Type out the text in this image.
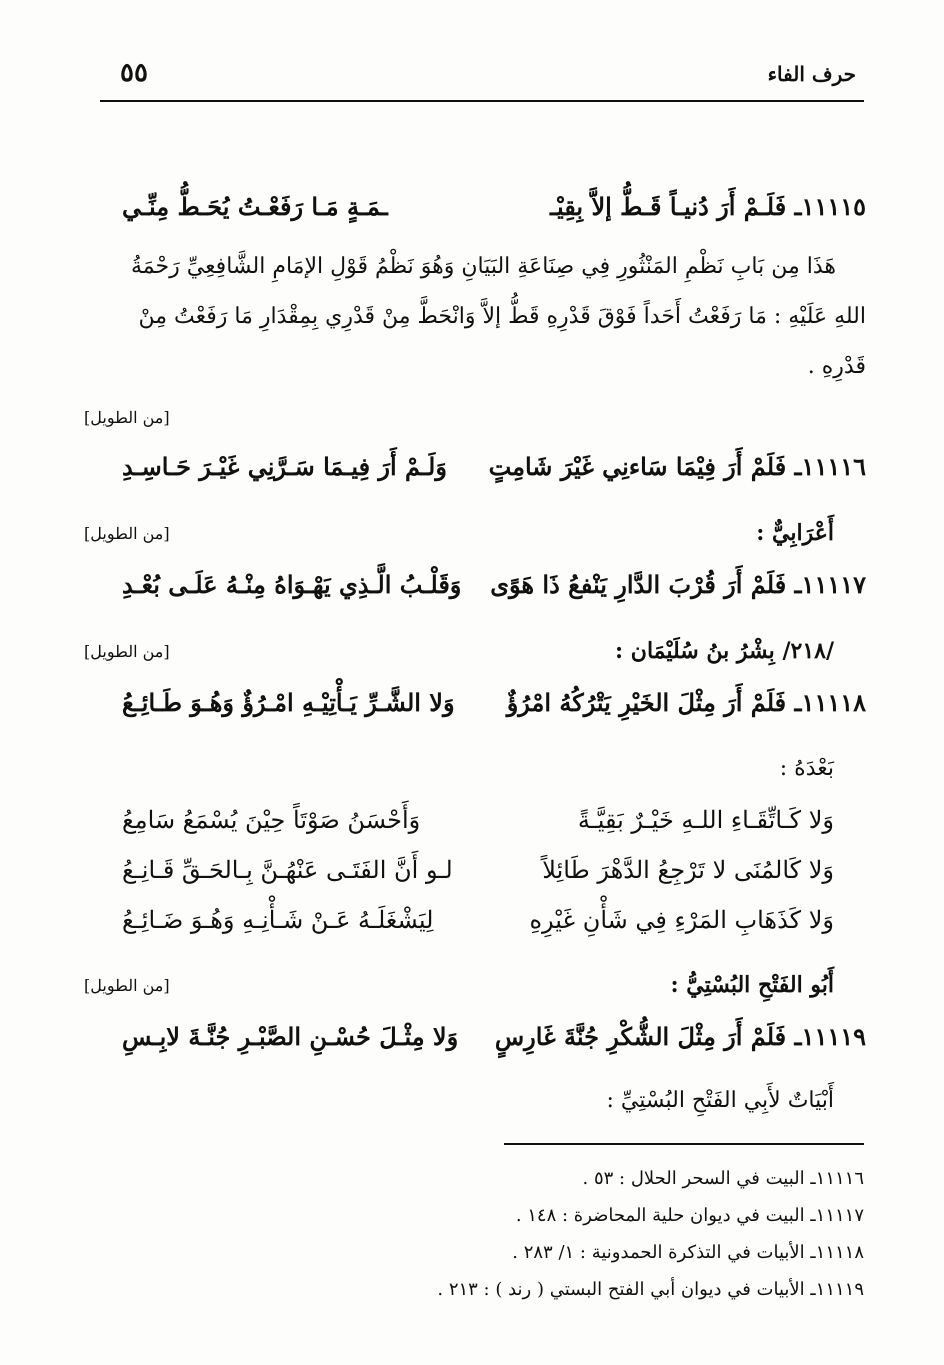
حرف الفاء
٥٥
١١١١٥ـ فَلَـمْ أَرَ دُنيـاً قَـطُّ إلاَّ بِقِيْـ
ـمَـةٍ مَـا رَفَعْـتُ يُحَـطُّ مِنِّـي
هَذَا مِن بَابِ نَظْمِ المَنْثُورِ فِي صِنَاعَةِ البَيَانِ وَهُوَ نَظْمُ قَوْلِ الإمَامِ الشَّافِعِيِّ رَحْمَةُ
اللهِ عَلَيْهِ : مَا رَفَعْتُ أَحَداً فَوْقَ قَدْرِهِ قَطُّ إلاَّ وَانْحَطَّ مِنْ قَدْرِي بِمِقْدَارِ مَا رَفَعْتُ مِنْ
قَدْرِهِ .
[من الطويل]
١١١١٦ـ فَلَمْ أَرَ فِيْمَا سَاءنِي غَيْرَ شَامِتٍ
وَلَـمْ أَرَ فِيـمَا سَـرَّنِي غَيْـرَ حَـاسِـدِ
أَعْرَابِيٌّ :
[من الطويل]
١١١١٧ـ فَلَمْ أَرَ قُرْبَ الدَّارِ يَنْفعُ ذَا هَوًى
وَقَلْـبُ الَّـذِي يَهْـوَاهُ مِنْـهُ عَلَـى بُعْـدِ
/٢١٨/ بِشْرُ بنُ سُلَيْمَان :
[من الطويل]
١١١١٨ـ فَلَمْ أَرَ مِثْلَ الخَيْرِ يَتْرُكُهُ امْرُؤٌ
وَلا الشَّـرِّ يَـأْتِيْـهِ امْـرُؤٌ وَهُـوَ طَـائِـعُ
بَعْدَهُ :
وَلا كَـاتِّقَـاءِ اللـهِ خَيْـرٌ بَقِيَّـةً
وَأَحْسَنُ صَوْتَاً حِيْنَ يُسْمَعُ سَامِعُ
وَلا كَالمُنَى لا تَرْجِعُ الدَّهْرَ طَائِلاً
لـو أَنَّ الفَتَـى عَنْهُـنَّ بِـالحَـقِّ قَـانِـعُ
وَلا كَذَهَابِ المَرْءِ فِي شَأْنِ غَيْرِهِ
لِيَشْغَلَـهُ عَـنْ شَـأْنِـهِ وَهُـوَ ضَـائِـعُ
أَبُو الفَتْحِ البُسْتِيُّ :
[من الطويل]
١١١١٩ـ فَلَمْ أَرَ مِثْلَ الشُّكْرِ جُنَّةَ غَارِسٍ
وَلا مِثْـلَ حُسْـنِ الصَّبْـرِ جُنَّـةَ لابِـسِ
أَبْيَاتٌ لأَبِي الفَتْحِ البُسْتِيِّ :
١١١١٦ـ البيت في السحر الحلال : ٥٣ .
١١١١٧ـ البيت في ديوان حلية المحاضرة : ١٤٨ .
١١١١٨ـ الأبيات في التذكرة الحمدونية : ١/ ٢٨٣ .
١١١١٩ـ الأبيات في ديوان أبي الفتح البستي ( رند ) : ٢١٣ .
